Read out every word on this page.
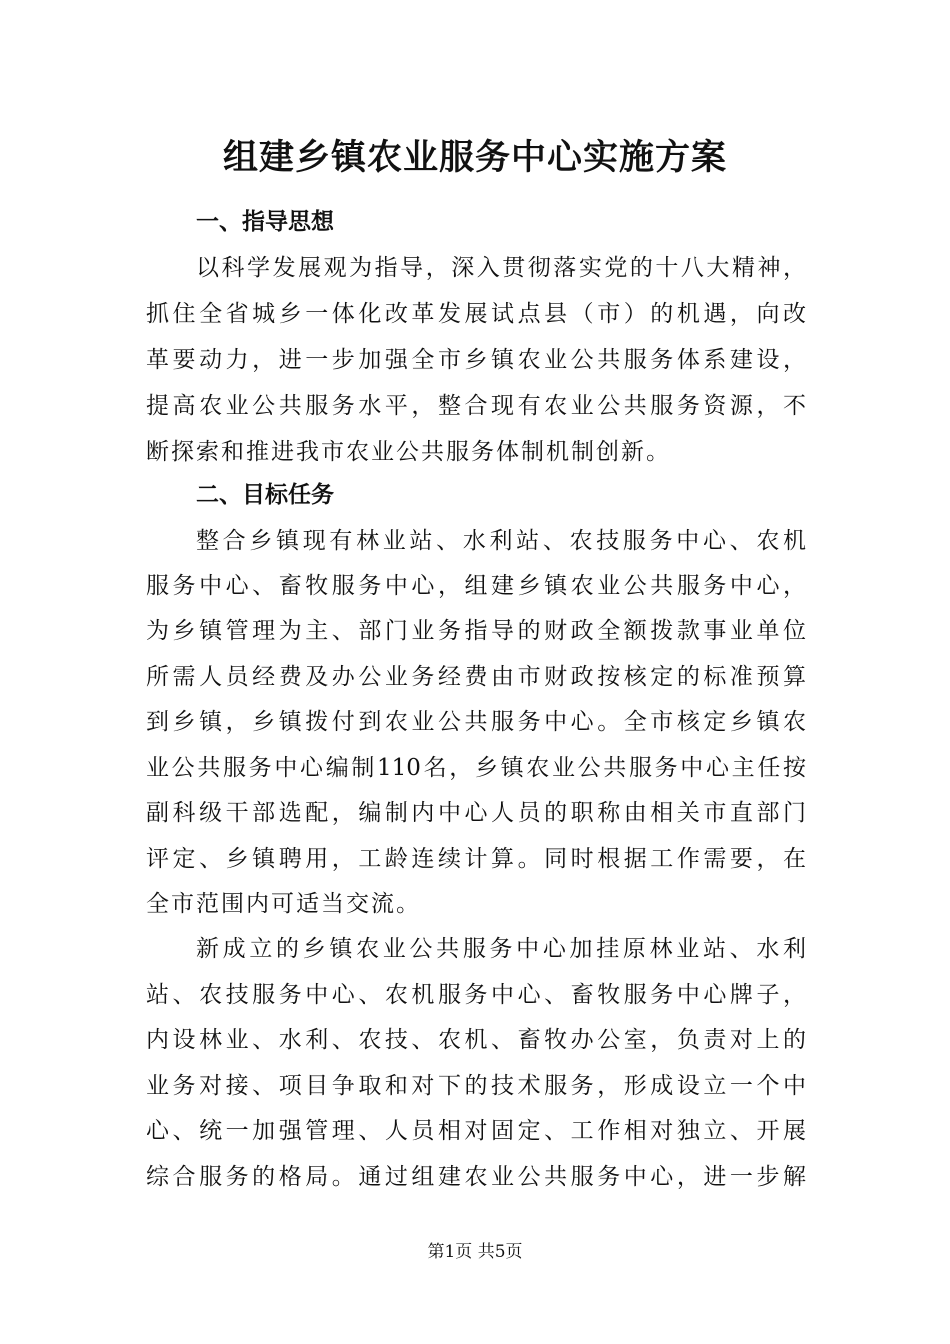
组建乡镇农业服务中心实施方案
一、指导思想
以科学发展观为指导，深入贯彻落实党的十八大精神，
抓住全省城乡一体化改革发展试点县（市）的机遇，向改
革要动力，进一步加强全市乡镇农业公共服务体系建设，
提高农业公共服务水平，整合现有农业公共服务资源，不
断探索和推进我市农业公共服务体制机制创新。
二、目标任务
整合乡镇现有林业站、水利站、农技服务中心、农机
服务中心、畜牧服务中心，组建乡镇农业公共服务中心，
为乡镇管理为主、部门业务指导的财政全额拨款事业单位
所需人员经费及办公业务经费由市财政按核定的标准预算
到乡镇，乡镇拨付到农业公共服务中心。全市核定乡镇农
业公共服务中心编制110名，乡镇农业公共服务中心主任按
副科级干部选配，编制内中心人员的职称由相关市直部门
评定、乡镇聘用，工龄连续计算。同时根据工作需要，在
全市范围内可适当交流。
新成立的乡镇农业公共服务中心加挂原林业站、水利
站、农技服务中心、农机服务中心、畜牧服务中心牌子，
内设林业、水利、农技、农机、畜牧办公室，负责对上的
业务对接、项目争取和对下的技术服务，形成设立一个中
心、统一加强管理、人员相对固定、工作相对独立、开展
综合服务的格局。通过组建农业公共服务中心，进一步解
第1页 共5页
